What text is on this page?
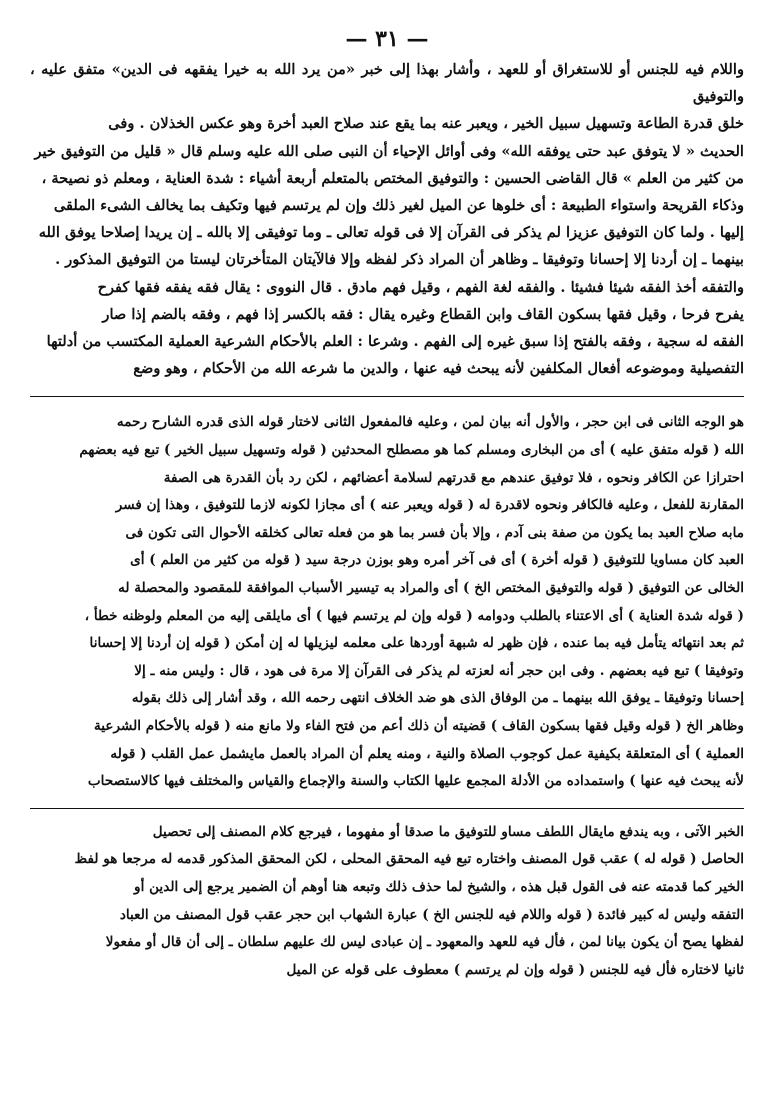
— ٣١ —

واللام فيه للجنس أو للاستغراق أو للعهد ، وأشار بهذا إلى خبر «من يرد الله به خيرا يفقهه فى الدين» متفق عليه ، والتوفيق

خلق قدرة الطاعة وتسهيل سبيل الخير ، ويعبر عنه بما يقع عند صلاح العبد أخرة وهو عكس الخذلان . وفى

الحديث « لا يتوفق عبد حتى يوفقه الله» وفى أوائل الإحياء أن النبى صلى الله عليه وسلم قال « قليل من التوفيق خير

من كثير من العلم » قال القاضى الحسين : والتوفيق المختص بالمتعلم أربعة أشياء : شدة العناية ، ومعلم ذو نصيحة ،

وذكاء القريحة واستواء الطبيعة : أى خلوها عن الميل لغير ذلك وإن لم يرتسم فيها وتكيف بما يخالف الشىء الملقى

إليها . ولما كان التوفيق عزيزا لم يذكر فى القرآن إلا فى قوله تعالى ـ وما توفيقى إلا بالله ـ إن يريدا إصلاحا يوفق الله

بينهما ـ إن أردنا إلا إحسانا وتوفيقا ـ وظاهر أن المراد ذكر لفظه وإلا فالآيتان المتأخرتان ليستا من التوفيق المذكور .

والتفقه أخذ الفقه شيئا فشيئا . والفقه لغة الفهم ، وقيل فهم مادق . قال النووى : يقال فقه يفقه فقها كفرح

يفرح فرحا ، وقيل فقها بسكون القاف وابن القطاع وغيره يقال : فقه بالكسر إذا فهم ، وفقه بالضم إذا صار

الفقه له سجية ، وفقه بالفتح إذا سبق غيره إلى الفهم . وشرعا : العلم بالأحكام الشرعية العملية المكتسب من أدلتها

التفصيلية وموضوعه أفعال المكلفين لأنه يبحث فيه عنها ، والدين ما شرعه الله من الأحكام ، وهو وضع

هو الوجه الثانى فى ابن حجر ، والأول أنه بيان لمن ، وعليه فالمفعول الثانى لاختار قوله الذى قدره الشارح رحمه

الله ( قوله متفق عليه ) أى من البخارى ومسلم كما هو مصطلح المحدثين ( قوله وتسهيل سبيل الخير ) تبع فيه بعضهم

احترازا عن الكافر ونحوه ، فلا توفيق عندهم مع قدرتهم لسلامة أعضائهم ، لكن رد بأن القدرة هى الصفة

المقارنة للفعل ، وعليه فالكافر ونحوه لاقدرة له ( قوله ويعبر عنه ) أى مجازا لكونه لازما للتوفيق ، وهذا إن فسر

مابه صلاح العبد بما يكون من صفة بنى آدم ، وإلا بأن فسر بما هو من فعله تعالى كخلقه الأحوال التى تكون فى

العبد كان مساويا للتوفيق ( قوله أخرة ) أى فى آخر أمره وهو بوزن درجة سيد ( قوله من كثير من العلم ) أى

الخالى عن التوفيق ( قوله والتوفيق المختص الخ ) أى والمراد به تيسير الأسباب الموافقة للمقصود والمحصلة له

( قوله شدة العناية ) أى الاعتناء بالطلب ودوامه ( قوله وإن لم يرتسم فيها ) أى مايلقى إليه من المعلم ولوظنه خطأ ،

ثم بعد انتهائه يتأمل فيه بما عنده ، فإن ظهر له شبهة أوردها على معلمه ليزيلها له إن أمكن ( قوله إن أردنا إلا إحسانا

وتوفيقا ) تبع فيه بعضهم . وفى ابن حجر أنه لعزته لم يذكر فى القرآن إلا مرة فى هود ، قال : وليس منه ـ إلا

إحسانا وتوفيقا ـ يوفق الله بينهما ـ من الوفاق الذى هو ضد الخلاف انتهى رحمه الله ، وقد أشار إلى ذلك بقوله

وظاهر الخ ( قوله وقيل فقها بسكون القاف ) قضيته أن ذلك أعم من فتح الفاء ولا مانع منه ( قوله بالأحكام الشرعية

العملية ) أى المتعلقة بكيفية عمل كوجوب الصلاة والنية ، ومنه يعلم أن المراد بالعمل مايشمل عمل القلب ( قوله

لأنه يبحث فيه عنها ) واستمداده من الأدلة المجمع عليها الكتاب والسنة والإجماع والقياس والمختلف فيها كالاستصحاب

الخبر الآتى ، وبه يندفع مايقال اللطف مساو للتوفيق ما صدقا أو مفهوما ، فيرجع كلام المصنف إلى تحصيل

الحاصل ( قوله له ) عقب قول المصنف واختاره تبع فيه المحقق المحلى ، لكن المحقق المذكور قدمه له مرجعا هو لفظ

الخير كما قدمته عنه فى القول قبل هذه ، والشيخ لما حذف ذلك وتبعه هنا أوهم أن الضمير يرجع إلى الدين أو

التفقه وليس له كبير فائدة ( قوله واللام فيه للجنس الخ ) عبارة الشهاب ابن حجر عقب قول المصنف من العباد

لفظها يصح أن يكون بيانا لمن ، فأل فيه للعهد والمعهود ـ إن عبادى ليس لك عليهم سلطان ـ إلى أن قال أو مفعولا

ثانيا لاختاره فأل فيه للجنس ( قوله وإن لم يرتسم ) معطوف على قوله عن الميل
